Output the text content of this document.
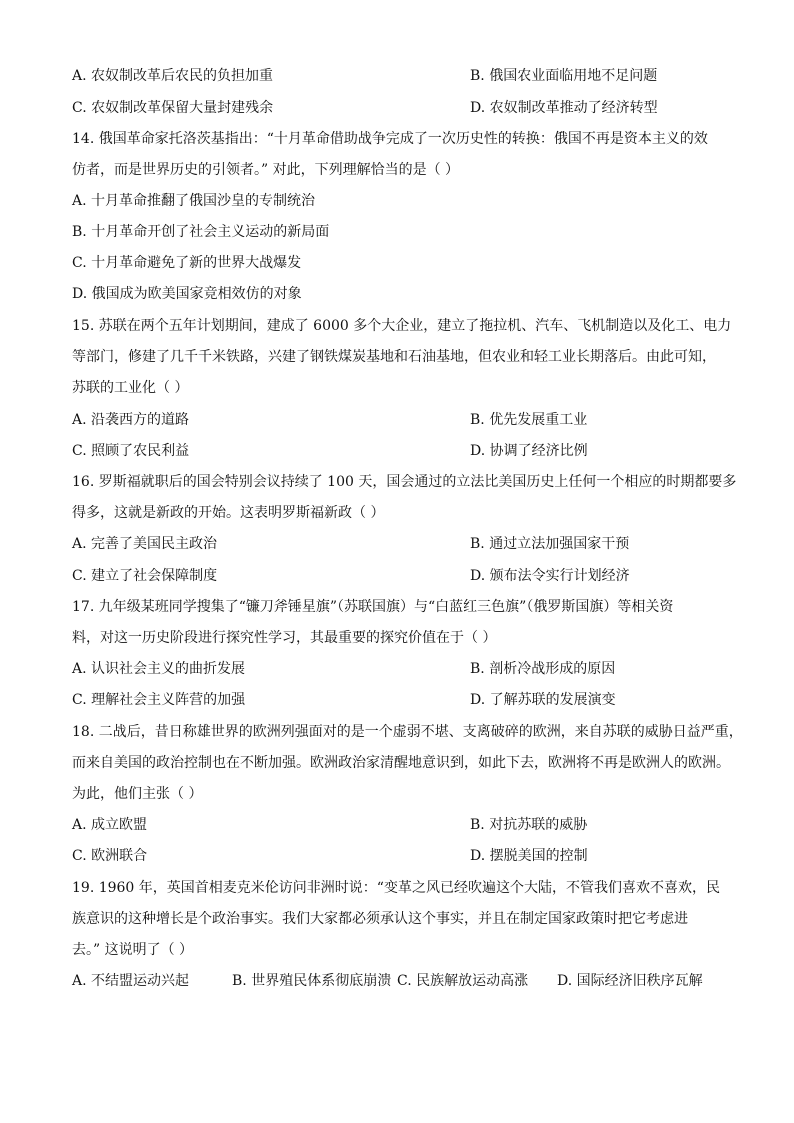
A. 农奴制改革后农民的负担加重	B. 俄国农业面临用地不足问题
C. 农奴制改革保留大量封建残余	D. 农奴制改革推动了经济转型
14. 俄国革命家托洛茨基指出：“十月革命借助战争完成了一次历史性的转换：俄国不再是资本主义的效
仿者，而是世界历史的引领者。” 对此，下列理解恰当的是（ ）
A. 十月革命推翻了俄国沙皇的专制统治
B. 十月革命开创了社会主义运动的新局面
C. 十月革命避免了新的世界大战爆发
D. 俄国成为欧美国家竞相效仿的对象
15. 苏联在两个五年计划期间，建成了 6000 多个大企业，建立了拖拉机、汽车、飞机制造以及化工、电力
等部门，修建了几千千米铁路，兴建了钢铁煤炭基地和石油基地，但农业和轻工业长期落后。由此可知，
苏联的工业化（ ）
A. 沿袭西方的道路	B. 优先发展重工业
C. 照顾了农民利益	D. 协调了经济比例
16. 罗斯福就职后的国会特别会议持续了 100 天，国会通过的立法比美国历史上任何一个相应的时期都要多
得多，这就是新政的开始。这表明罗斯福新政（ ）
A. 完善了美国民主政治	B. 通过立法加强国家干预
C. 建立了社会保障制度	D. 颁布法令实行计划经济
17. 九年级某班同学搜集了“镰刀斧锤星旗”（苏联国旗）与“白蓝红三色旗”（俄罗斯国旗）等相关资
料，对这一历史阶段进行探究性学习，其最重要的探究价值在于（ ）
A. 认识社会主义的曲折发展	B. 剖析冷战形成的原因
C. 理解社会主义阵营的加强	D. 了解苏联的发展演变
18. 二战后，昔日称雄世界的欧洲列强面对的是一个虚弱不堪、支离破碎的欧洲，来自苏联的威胁日益严重，
而来自美国的政治控制也在不断加强。欧洲政治家清醒地意识到，如此下去，欧洲将不再是欧洲人的欧洲。
为此，他们主张（ ）
A. 成立欧盟	B. 对抗苏联的威胁
C. 欧洲联合	D. 摆脱美国的控制
19. 1960 年，英国首相麦克米伦访问非洲时说：“变革之风已经吹遍这个大陆，不管我们喜欢不喜欢，民
族意识的这种增长是个政治事实。我们大家都必须承认这个事实，并且在制定国家政策时把它考虑进
去。” 这说明了（ ）
A. 不结盟运动兴起	B. 世界殖民体系彻底崩溃 C. 民族解放运动高涨 D. 国际经济旧秩序瓦解
